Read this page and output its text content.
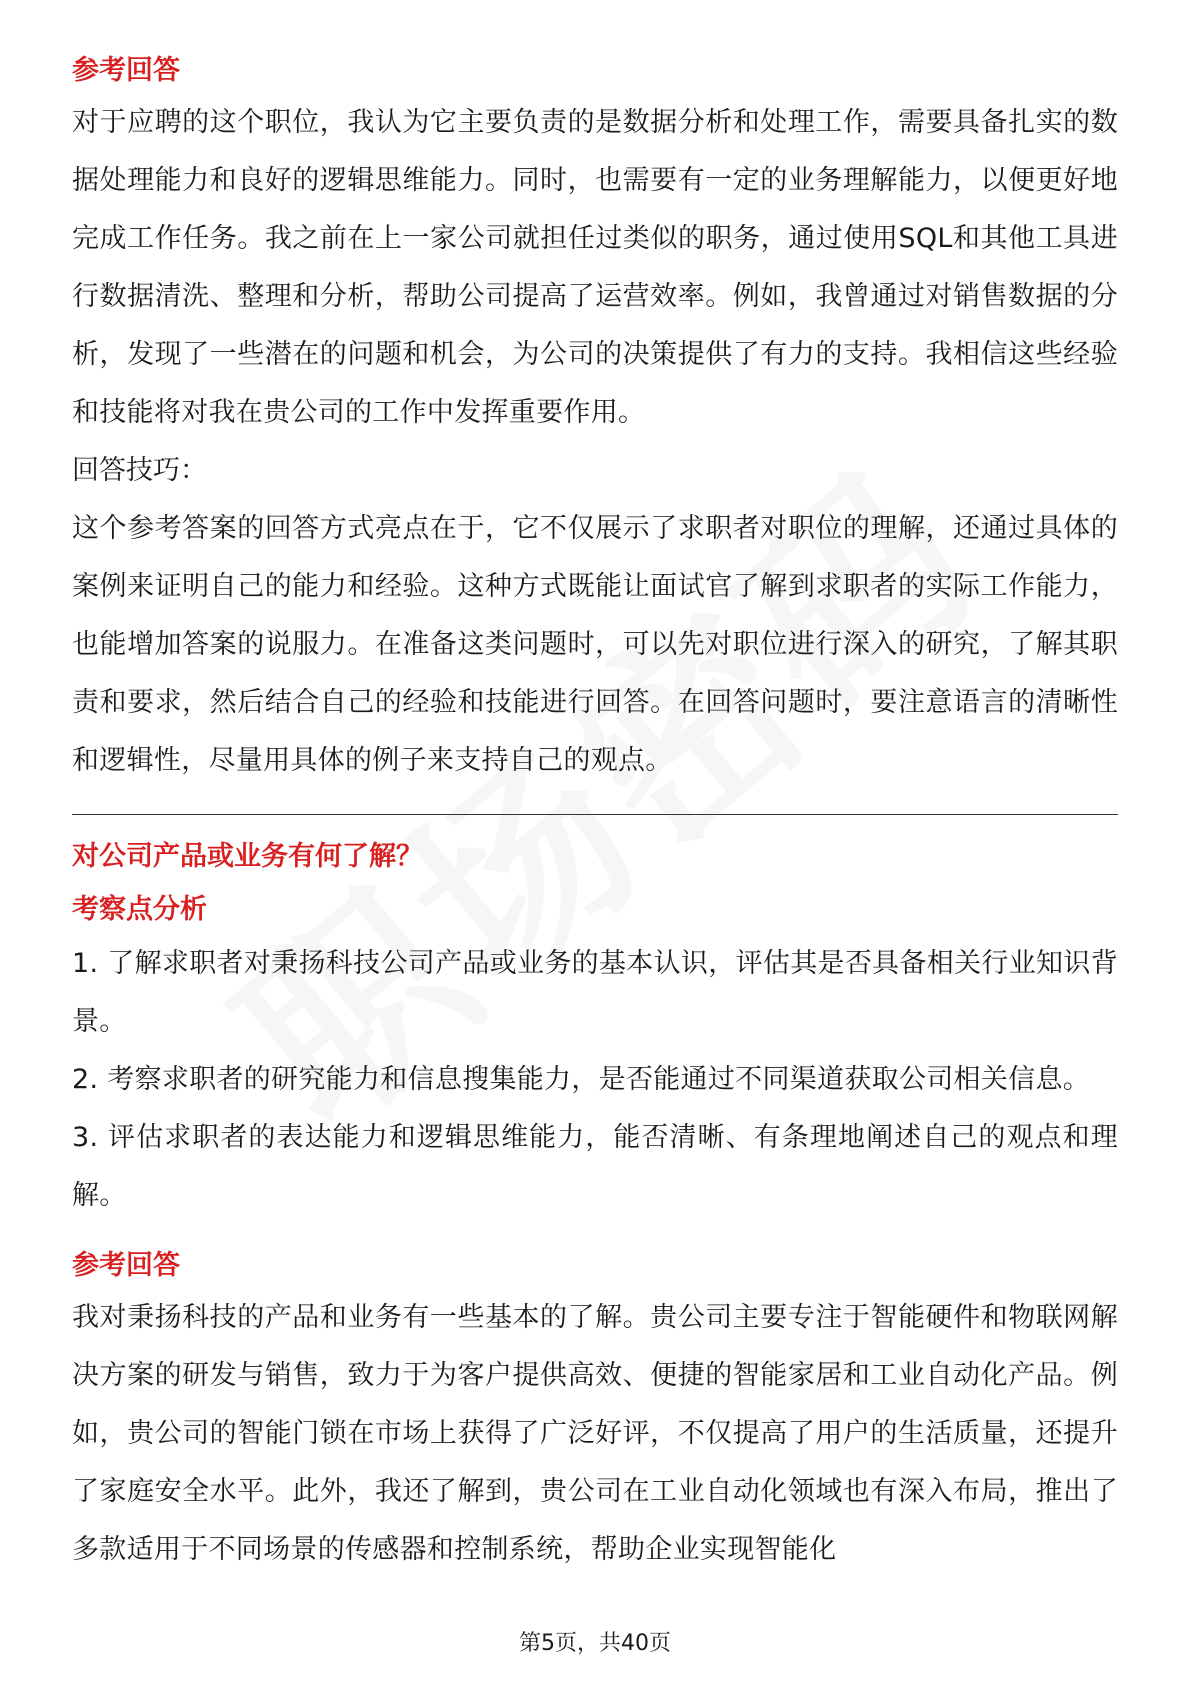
参考回答

对于应聘的这个职位，我认为它主要负责的是数据分析和处理工作，需要具备扎实的数据处理能力和良好的逻辑思维能力。同时，也需要有一定的业务理解能力，以便更好地完成工作任务。我之前在上一家公司就担任过类似的职务，通过使用SQL和其他工具进行数据清洗、整理和分析，帮助公司提高了运营效率。例如，我曾通过对销售数据的分析，发现了一些潜在的问题和机会，为公司的决策提供了有力的支持。我相信这些经验和技能将对我在贵公司的工作中发挥重要作用。

回答技巧：

这个参考答案的回答方式亮点在于，它不仅展示了求职者对职位的理解，还通过具体的案例来证明自己的能力和经验。这种方式既能让面试官了解到求职者的实际工作能力，也能增加答案的说服力。在准备这类问题时，可以先对职位进行深入的研究，了解其职责和要求，然后结合自己的经验和技能进行回答。在回答问题时，要注意语言的清晰性和逻辑性，尽量用具体的例子来支持自己的观点。

对公司产品或业务有何了解？
考察点分析

1. 了解求职者对秉扬科技公司产品或业务的基本认识，评估其是否具备相关行业知识背景。

2. 考察求职者的研究能力和信息搜集能力，是否能通过不同渠道获取公司相关信息。

3. 评估求职者的表达能力和逻辑思维能力，能否清晰、有条理地阐述自己的观点和理解。

参考回答

我对秉扬科技的产品和业务有一些基本的了解。贵公司主要专注于智能硬件和物联网解决方案的研发与销售，致力于为客户提供高效、便捷的智能家居和工业自动化产品。例如，贵公司的智能门锁在市场上获得了广泛好评，不仅提高了用户的生活质量，还提升了家庭安全水平。此外，我还了解到，贵公司在工业自动化领域也有深入布局，推出了多款适用于不同场景的传感器和控制系统，帮助企业实现智能化

第5页，共40页
